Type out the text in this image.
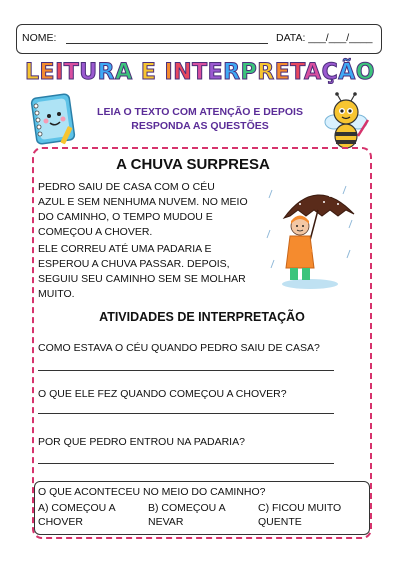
NOME:	DATA: ___/___/____
LEITURA E INTERPRETAÇÃO
LEIA O TEXTO COM ATENÇÃO E DEPOIS
RESPONDA AS QUESTÕES
A CHUVA SURPRESA
PEDRO SAIU DE CASA COM O CÉU
AZUL E SEM NENHUMA NUVEM. NO MEIO
DO CAMINHO, O TEMPO MUDOU E
COMEÇOU A CHOVER.
ELE CORREU ATÉ UMA PADARIA E
ESPEROU A CHUVA PASSAR. DEPOIS,
SEGUIU SEU CAMINHO SEM SE MOLHAR
MUITO.
ATIVIDADES DE INTERPRETAÇÃO
COMO ESTAVA O CÉU QUANDO PEDRO SAIU DE CASA?
O QUE ELE FEZ QUANDO COMEÇOU A CHOVER?
POR QUE PEDRO ENTROU NA PADARIA?
O QUE ACONTECEU NO MEIO DO CAMINHO?
A) COMEÇOU A
CHOVER
B) COMEÇOU A
NEVAR
C) FICOU MUITO
QUENTE
